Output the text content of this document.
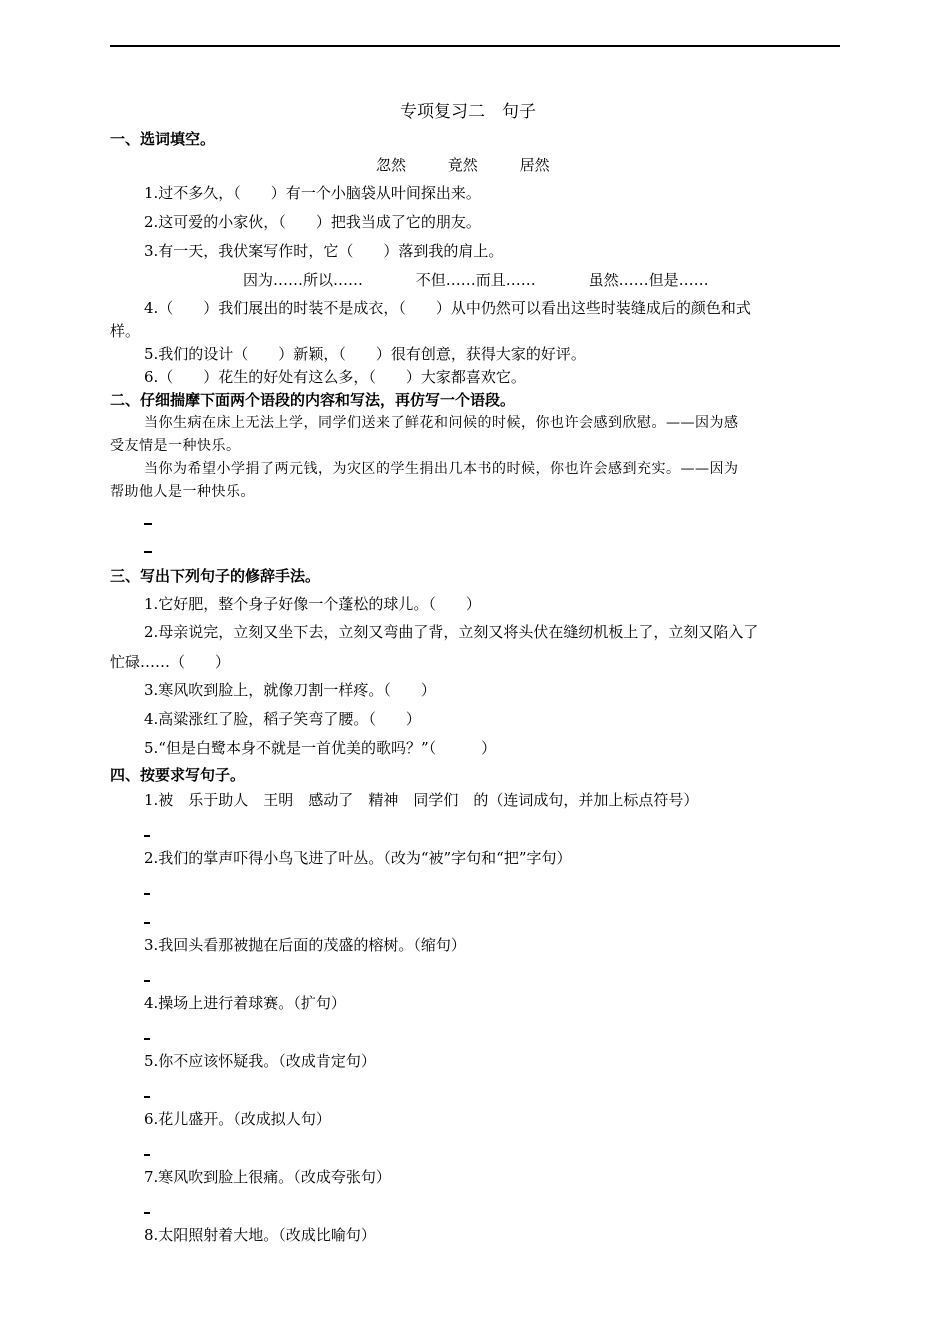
专项复习二　句子
一、选词填空。
忽然	竟然	居然
1.过不多久，（　　）有一个小脑袋从叶间探出来。
2.这可爱的小家伙，（　　）把我当成了它的朋友。
3.有一天，我伏案写作时，它（　　）落到我的肩上。
因为……所以……	不但……而且……	虽然……但是……
4.（　　）我们展出的时装不是成衣，（　　）从中仍然可以看出这些时装缝成后的颜色和式
样。
5.我们的设计（　　）新颖，（　　）很有创意，获得大家的好评。
6.（　　）花生的好处有这么多，（　　）大家都喜欢它。
二、仔细揣摩下面两个语段的内容和写法，再仿写一个语段。
当你生病在床上无法上学，同学们送来了鲜花和问候的时候，你也许会感到欣慰。——因为感
受友情是一种快乐。
当你为希望小学捐了两元钱，为灾区的学生捐出几本书的时候，你也许会感到充实。——因为
帮助他人是一种快乐。
三、写出下列句子的修辞手法。
1.它好肥，整个身子好像一个蓬松的球儿。（　　）
2.母亲说完，立刻又坐下去，立刻又弯曲了背，立刻又将头伏在缝纫机板上了，立刻又陷入了
忙碌……（　　）
3.寒风吹到脸上，就像刀割一样疼。（　　）
4.高粱涨红了脸，稻子笑弯了腰。（　　）
5.“但是白鹭本身不就是一首优美的歌吗？”（　　　）
四、按要求写句子。
1.被　乐于助人　王明　感动了　精神　同学们　的（连词成句，并加上标点符号）
2.我们的掌声吓得小鸟飞进了叶丛。（改为“被”字句和“把”字句）
3.我回头看那被抛在后面的茂盛的榕树。（缩句）
4.操场上进行着球赛。（扩句）
5.你不应该怀疑我。（改成肯定句）
6.花儿盛开。（改成拟人句）
7.寒风吹到脸上很痛。（改成夸张句）
8.太阳照射着大地。（改成比喻句）
